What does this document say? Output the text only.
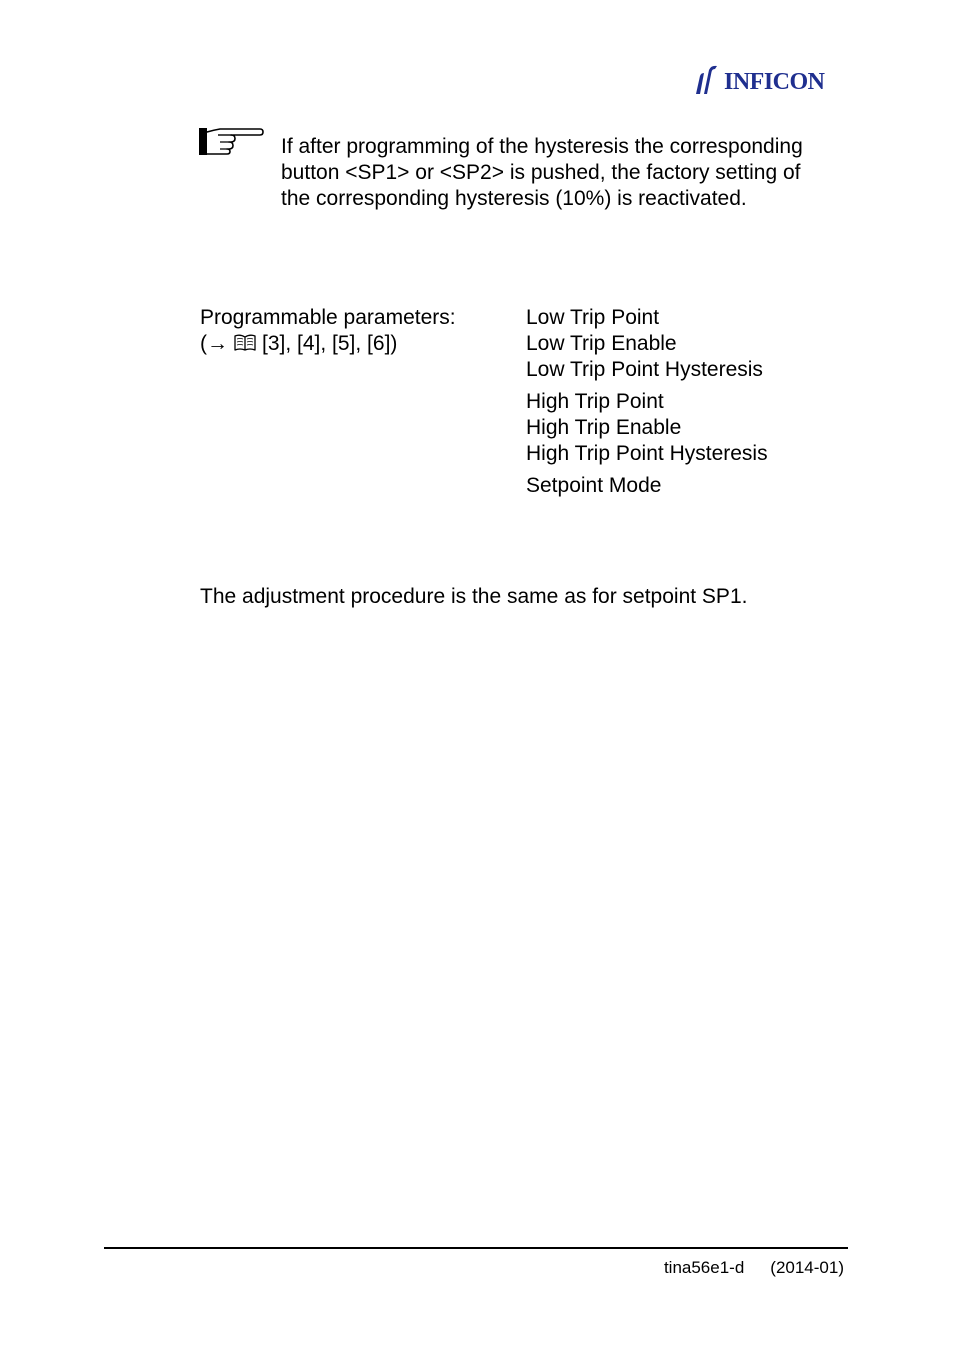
INFICON
If after programming of the hysteresis the corresponding
button <SP1> or <SP2> is pushed, the factory setting of
the corresponding hysteresis (10%) is reactivated.
Programmable parameters:
(→ [3], [4], [5], [6])
Low Trip Point
Low Trip Enable
Low Trip Point Hysteresis
High Trip Point
High Trip Enable
High Trip Point Hysteresis
Setpoint Mode
The adjustment procedure is the same as for setpoint SP1.
tina56e1-d (2014-01)
